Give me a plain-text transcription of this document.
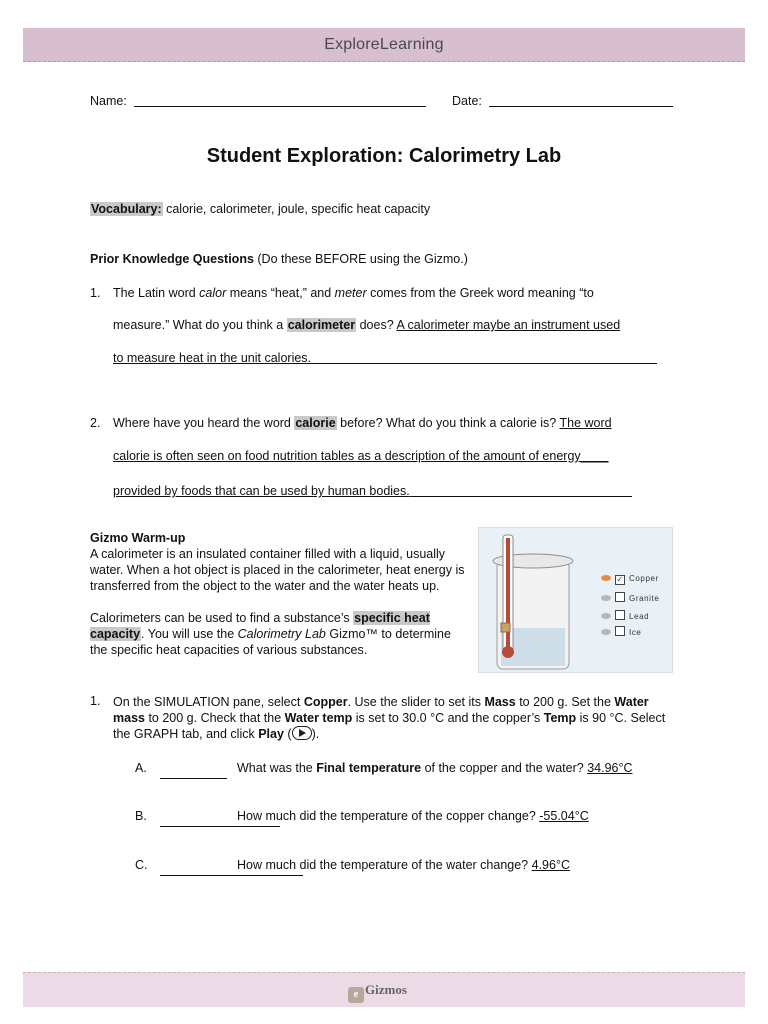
ExploreLearning
Name:	Date:
Student Exploration: Calorimetry Lab
Vocabulary: calorie, calorimeter, joule, specific heat capacity
Prior Knowledge Questions (Do these BEFORE using the Gizmo.)
1. The Latin word calor means “heat,” and meter comes from the Greek word meaning “to
measure.” What do you think a calorimeter does? A calorimeter maybe an instrument used
to measure heat in the unit calories.
2. Where have you heard the word calorie before? What do you think a calorie is? The word
calorie is often seen on food nutrition tables as a description of the amount of energy____
provided by foods that can be used by human bodies.

Gizmo Warm-up

A calorimeter is an insulated container filled with a liquid, usually water. When a hot object is placed in the calorimeter, heat energy is transferred from the object to the water and the water heats up.

Calorimeters can be used to find a substance’s specific heat capacity. You will use the Calorimetry Lab Gizmo™ to determine the specific heat capacities of various substances.

✓ Copper
Granite
Lead
Ice
1. On the SIMULATION pane, select Copper. Use the slider to set its Mass to 200 g. Set the Water mass to 200 g. Check that the Water temp is set to 30.0 °C and the copper’s Temp is 90 °C. Select the GRAPH tab, and click Play ( ).

A.	What was the Final temperature of the copper and the water? 34.96°C
B.	How much did the temperature of the copper change? -55.04°C
C.	How much did the temperature of the water change? 4.96°C
e Gizmos
